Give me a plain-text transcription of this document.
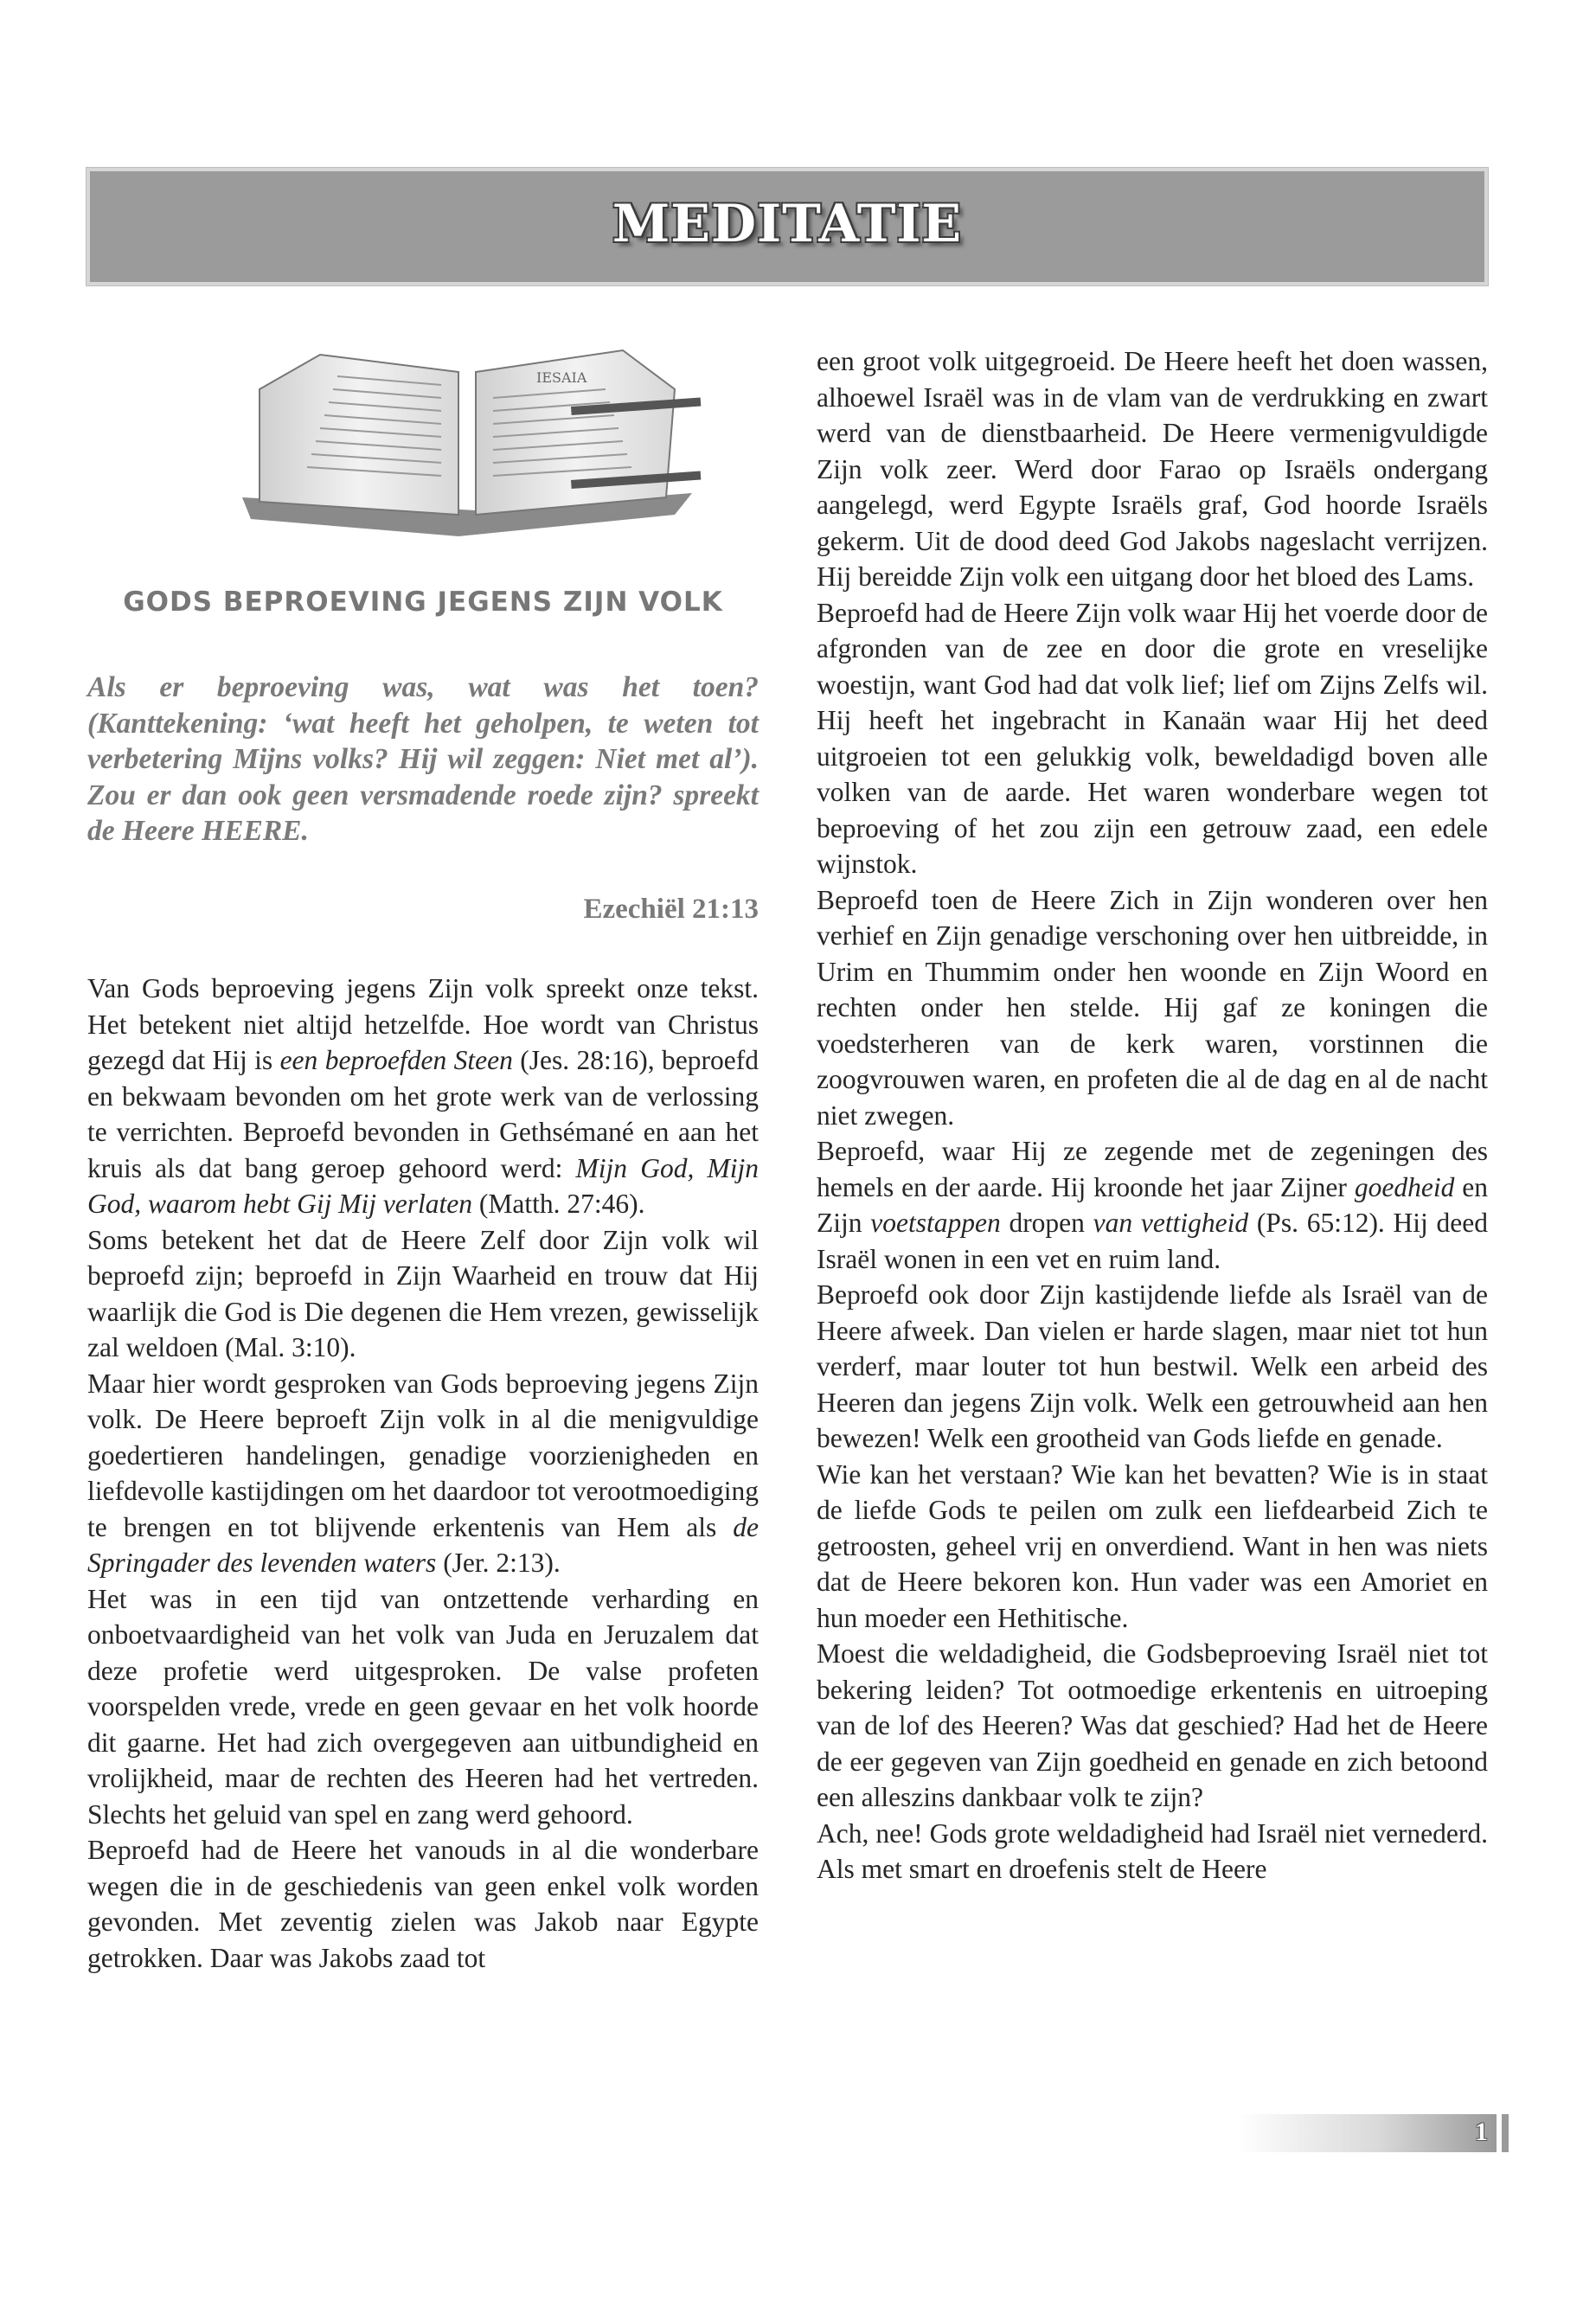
MEDITATIE
IESAIA
GODS BEPROEVING JEGENS ZIJN VOLK
Als er beproeving was, wat was het toen? (Kanttekening: ‘wat heeft het geholpen, te weten tot verbetering Mijns volks? Hij wil zeggen: Niet met al’). Zou er dan ook geen versmadende roede zijn? spreekt de Heere HEERE.
Ezechiël 21:13

Van Gods beproeving jegens Zijn volk spreekt onze tekst. Het betekent niet altijd hetzelfde. Hoe wordt van Christus gezegd dat Hij is een beproefden Steen (Jes. 28:16), beproefd en bekwaam bevonden om het grote werk van de verlossing te verrichten. Beproefd bevonden in Gethsémané en aan het kruis als dat bang geroep gehoord werd: Mijn God, Mijn God, waarom hebt Gij Mij verlaten (Matth. 27:46).

Soms betekent het dat de Heere Zelf door Zijn volk wil beproefd zijn; beproefd in Zijn Waarheid en trouw dat Hij waarlijk die God is Die degenen die Hem vrezen, gewisselijk zal weldoen (Mal. 3:10).

Maar hier wordt gesproken van Gods beproeving jegens Zijn volk. De Heere beproeft Zijn volk in al die menigvuldige goedertieren handelingen, genadige voorzienigheden en liefdevolle kastijdingen om het daardoor tot verootmoediging te brengen en tot blijvende erkentenis van Hem als de Springader des levenden waters (Jer. 2:13).

Het was in een tijd van ontzettende verharding en onboetvaardigheid van het volk van Juda en Jeruzalem dat deze profetie werd uitgesproken. De valse profeten voorspelden vrede, vrede en geen gevaar en het volk hoorde dit gaarne. Het had zich overgegeven aan uitbundigheid en vrolijkheid, maar de rechten des Heeren had het vertreden. Slechts het geluid van spel en zang werd gehoord.

Beproefd had de Heere het vanouds in al die wonderbare wegen die in de geschiedenis van geen enkel volk worden gevonden. Met zeventig zielen was Jakob naar Egypte getrokken. Daar was Jakobs zaad tot

een groot volk uitgegroeid. De Heere heeft het doen wassen, alhoewel Israël was in de vlam van de verdrukking en zwart werd van de dienstbaarheid. De Heere vermenigvuldigde Zijn volk zeer. Werd door Farao op Israëls ondergang aangelegd, werd Egypte Israëls graf, God hoorde Israëls gekerm. Uit de dood deed God Jakobs nageslacht verrijzen. Hij bereidde Zijn volk een uitgang door het bloed des Lams.

Beproefd had de Heere Zijn volk waar Hij het voerde door de afgronden van de zee en door die grote en vreselijke woestijn, want God had dat volk lief; lief om Zijns Zelfs wil. Hij heeft het ingebracht in Kanaän waar Hij het deed uitgroeien tot een gelukkig volk, beweldadigd boven alle volken van de aarde. Het waren wonderbare wegen tot beproeving of het zou zijn een getrouw zaad, een edele wijnstok.

Beproefd toen de Heere Zich in Zijn wonderen over hen verhief en Zijn genadige verschoning over hen uitbreidde, in Urim en Thummim onder hen woonde en Zijn Woord en rechten onder hen stelde. Hij gaf ze koningen die voedsterheren van de kerk waren, vorstinnen die zoogvrouwen waren, en profeten die al de dag en al de nacht niet zwegen.

Beproefd, waar Hij ze zegende met de zegeningen des hemels en der aarde. Hij kroonde het jaar Zijner goedheid en Zijn voetstappen dropen van vettigheid (Ps. 65:12). Hij deed Israël wonen in een vet en ruim land.

Beproefd ook door Zijn kastijdende liefde als Israël van de Heere afweek. Dan vielen er harde slagen, maar niet tot hun verderf, maar louter tot hun bestwil. Welk een arbeid des Heeren dan jegens Zijn volk. Welk een getrouwheid aan hen bewezen! Welk een grootheid van Gods liefde en genade.

Wie kan het verstaan? Wie kan het bevatten? Wie is in staat de liefde Gods te peilen om zulk een liefdearbeid Zich te getroosten, geheel vrij en onverdiend. Want in hen was niets dat de Heere bekoren kon. Hun vader was een Amoriet en hun moeder een Hethitische.

Moest die weldadigheid, die Godsbeproeving Israël niet tot bekering leiden? Tot ootmoedige erkentenis en uitroeping van de lof des Heeren? Was dat geschied? Had het de Heere de eer gegeven van Zijn goedheid en genade en zich betoond een alleszins dankbaar volk te zijn?

Ach, nee! Gods grote weldadigheid had Israël niet vernederd. Als met smart en droefenis stelt de Heere

1
